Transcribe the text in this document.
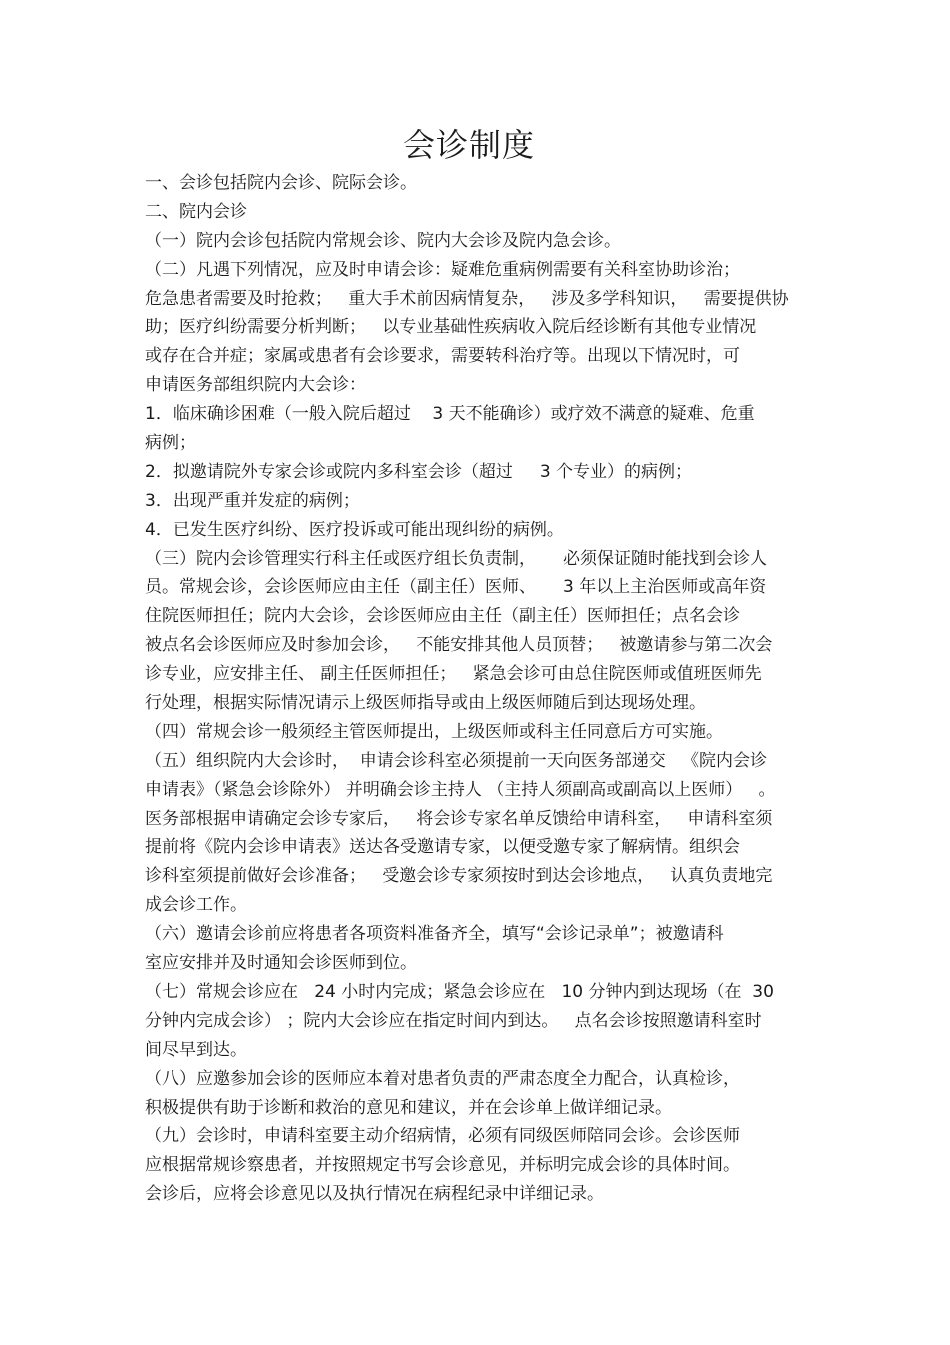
会诊制度

一、会诊包括院内会诊、院际会诊。

二、院内会诊

（一）院内会诊包括院内常规会诊、院内大会诊及院内急会诊。

（二）凡遇下列情况，应及时申请会诊：疑难危重病例需要有关科室协助诊治；

危急患者需要及时抢救；   重大手术前因病情复杂，   涉及多学科知识，   需要提供协

助；医疗纠纷需要分析判断；   以专业基础性疾病收入院后经诊断有其他专业情况

或存在合并症；家属或患者有会诊要求，需要转科治疗等。出现以下情况时，可

申请医务部组织院内大会诊：

1．临床确诊困难（一般入院后超过    3 天不能确诊）或疗效不满意的疑难、危重

病例；

2．拟邀请院外专家会诊或院内多科室会诊（超过     3 个专业）的病例；

3．出现严重并发症的病例；

4．已发生医疗纠纷、医疗投诉或可能出现纠纷的病例。

（三）院内会诊管理实行科主任或医疗组长负责制，     必须保证随时能找到会诊人

员。常规会诊，会诊医师应由主任（副主任）医师、     3 年以上主治医师或高年资

住院医师担任；院内大会诊，会诊医师应由主任（副主任）医师担任；点名会诊

被点名会诊医师应及时参加会诊，   不能安排其他人员顶替；   被邀请参与第二次会

诊专业，应安排主任、 副主任医师担任；   紧急会诊可由总住院医师或值班医师先

行处理，根据实际情况请示上级医师指导或由上级医师随后到达现场处理。

（四）常规会诊一般须经主管医师提出，上级医师或科主任同意后方可实施。

（五）组织院内大会诊时，  申请会诊科室必须提前一天向医务部递交   《院内会诊

申请表》（紧急会诊除外） 并明确会诊主持人 （主持人须副高或副高以上医师）   。

医务部根据申请确定会诊专家后，   将会诊专家名单反馈给申请科室，   申请科室须

提前将《院内会诊申请表》送达各受邀请专家，以便受邀专家了解病情。组织会

诊科室须提前做好会诊准备；   受邀会诊专家须按时到达会诊地点，   认真负责地完

成会诊工作。

（六）邀请会诊前应将患者各项资料准备齐全，填写“会诊记录单”；被邀请科

室应安排并及时通知会诊医师到位。

（七）常规会诊应在   24 小时内完成；紧急会诊应在   10 分钟内到达现场（在  30

分钟内完成会诊） ；院内大会诊应在指定时间内到达。   点名会诊按照邀请科室时

间尽早到达。

（八）应邀参加会诊的医师应本着对患者负责的严肃态度全力配合，认真检诊，

积极提供有助于诊断和救治的意见和建议，并在会诊单上做详细记录。

（九）会诊时，申请科室要主动介绍病情，必须有同级医师陪同会诊。会诊医师

应根据常规诊察患者，并按照规定书写会诊意见，并标明完成会诊的具体时间。

会诊后，应将会诊意见以及执行情况在病程纪录中详细记录。
